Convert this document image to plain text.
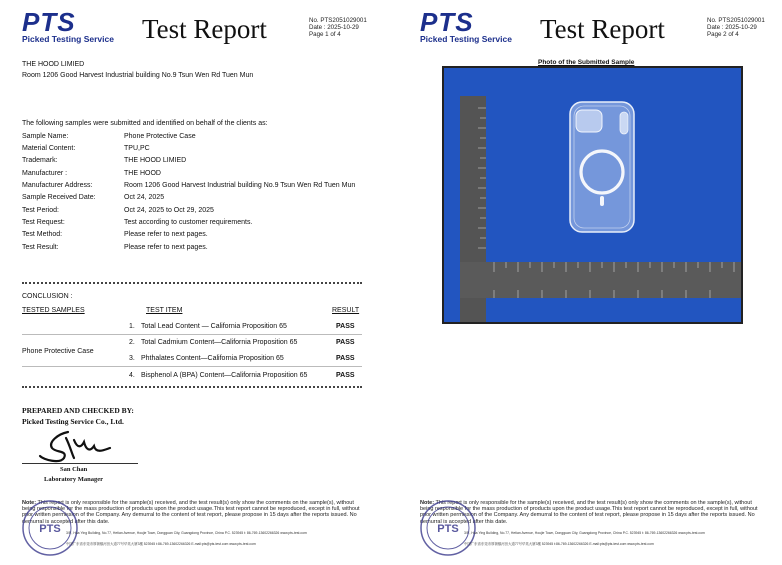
PTS
Picked Testing Service Test Report	No. PTS2051029001
Date : 2025-10-29
Page 1 of 4
THE HOOD LIMIED
Room 1206 Good Harvest Industrial building No.9 Tsun Wen Rd Tuen Mun
The following samples were submitted and identified on behalf of the clients as:
Sample Name:	Phone Protective Case
Material Content:	TPU,PC
Trademark:	THE HOOD LIMIED
Manufacturer :	THE HOOD
Manufacturer Address:	Room 1206 Good Harvest Industrial building No.9 Tsun Wen Rd Tuen Mun
Sample Received Date:	Oct 24, 2025
Test Period:	Oct 24, 2025 to Oct 29, 2025
Test Request:	Test according to customer requirements.
Test Method:	Please refer to next pages.
Test Result:	Please refer to next pages.
CONCLUSION :
TESTED SAMPLES	TEST ITEM	RESULT
Phone Protective Case
1. Total Lead Content — California Proposition 65	PASS
2. Total Cadmium Content—California Proposition 65	PASS
3. Phthalates Content—California Proposition 65	PASS
4. Bisphenol A (BPA) Content—California Proposition 65	PASS
PREPARED AND CHECKED BY:
Picked Testing Service Co., Ltd.
San Chan
Laboratory Manager
Note: This report is only responsible for the sample(s) received, and the test result(s) only show the comments on the sample(s), without being responsible for the mass production of products upon the product usage.This test report cannot be reproduced, except in full, without prior written permission of the Company. Any demurral to the content of test report, please propose in 15 days after the reports issued. No demurral is accepted after this date.
PTS 3/F., Hua Ying Building, No.77, Hetian Avenue, Houjie Town, Dongguan City, Guangdong Province, China P.C. 523945 t: 86-769-13602266326 www.pts-test.com
中国广东省东莞市厚街镇河田大道77号华英大厦3楼 523945 t:86-769-13602266326 E-mail:pts@pts-test.com www.pts-test.com
PTS
Picked Testing Service Test Report	No. PTS2051029001
Date : 2025-10-29
Page 2 of 4
Photo of the Submitted Sample
Note: This report is only responsible for the sample(s) received, and the test result(s) only show the comments on the sample(s), without being responsible for the mass production of products upon the product usage.This test report cannot be reproduced, except in full, without prior written permission of the Company. Any demurral to the content of test report, please propose in 15 days after the reports issued. No demurral is accepted after this date.
PTS 3/F., Hua Ying Building, No.77, Hetian Avenue, Houjie Town, Dongguan City, Guangdong Province, China P.C. 523945 t: 86-769-13602266326 www.pts-test.com
中国广东省东莞市厚街镇河田大道77号华英大厦3楼 523945 t:86-769-13602266326 E-mail:pts@pts-test.com www.pts-test.com
